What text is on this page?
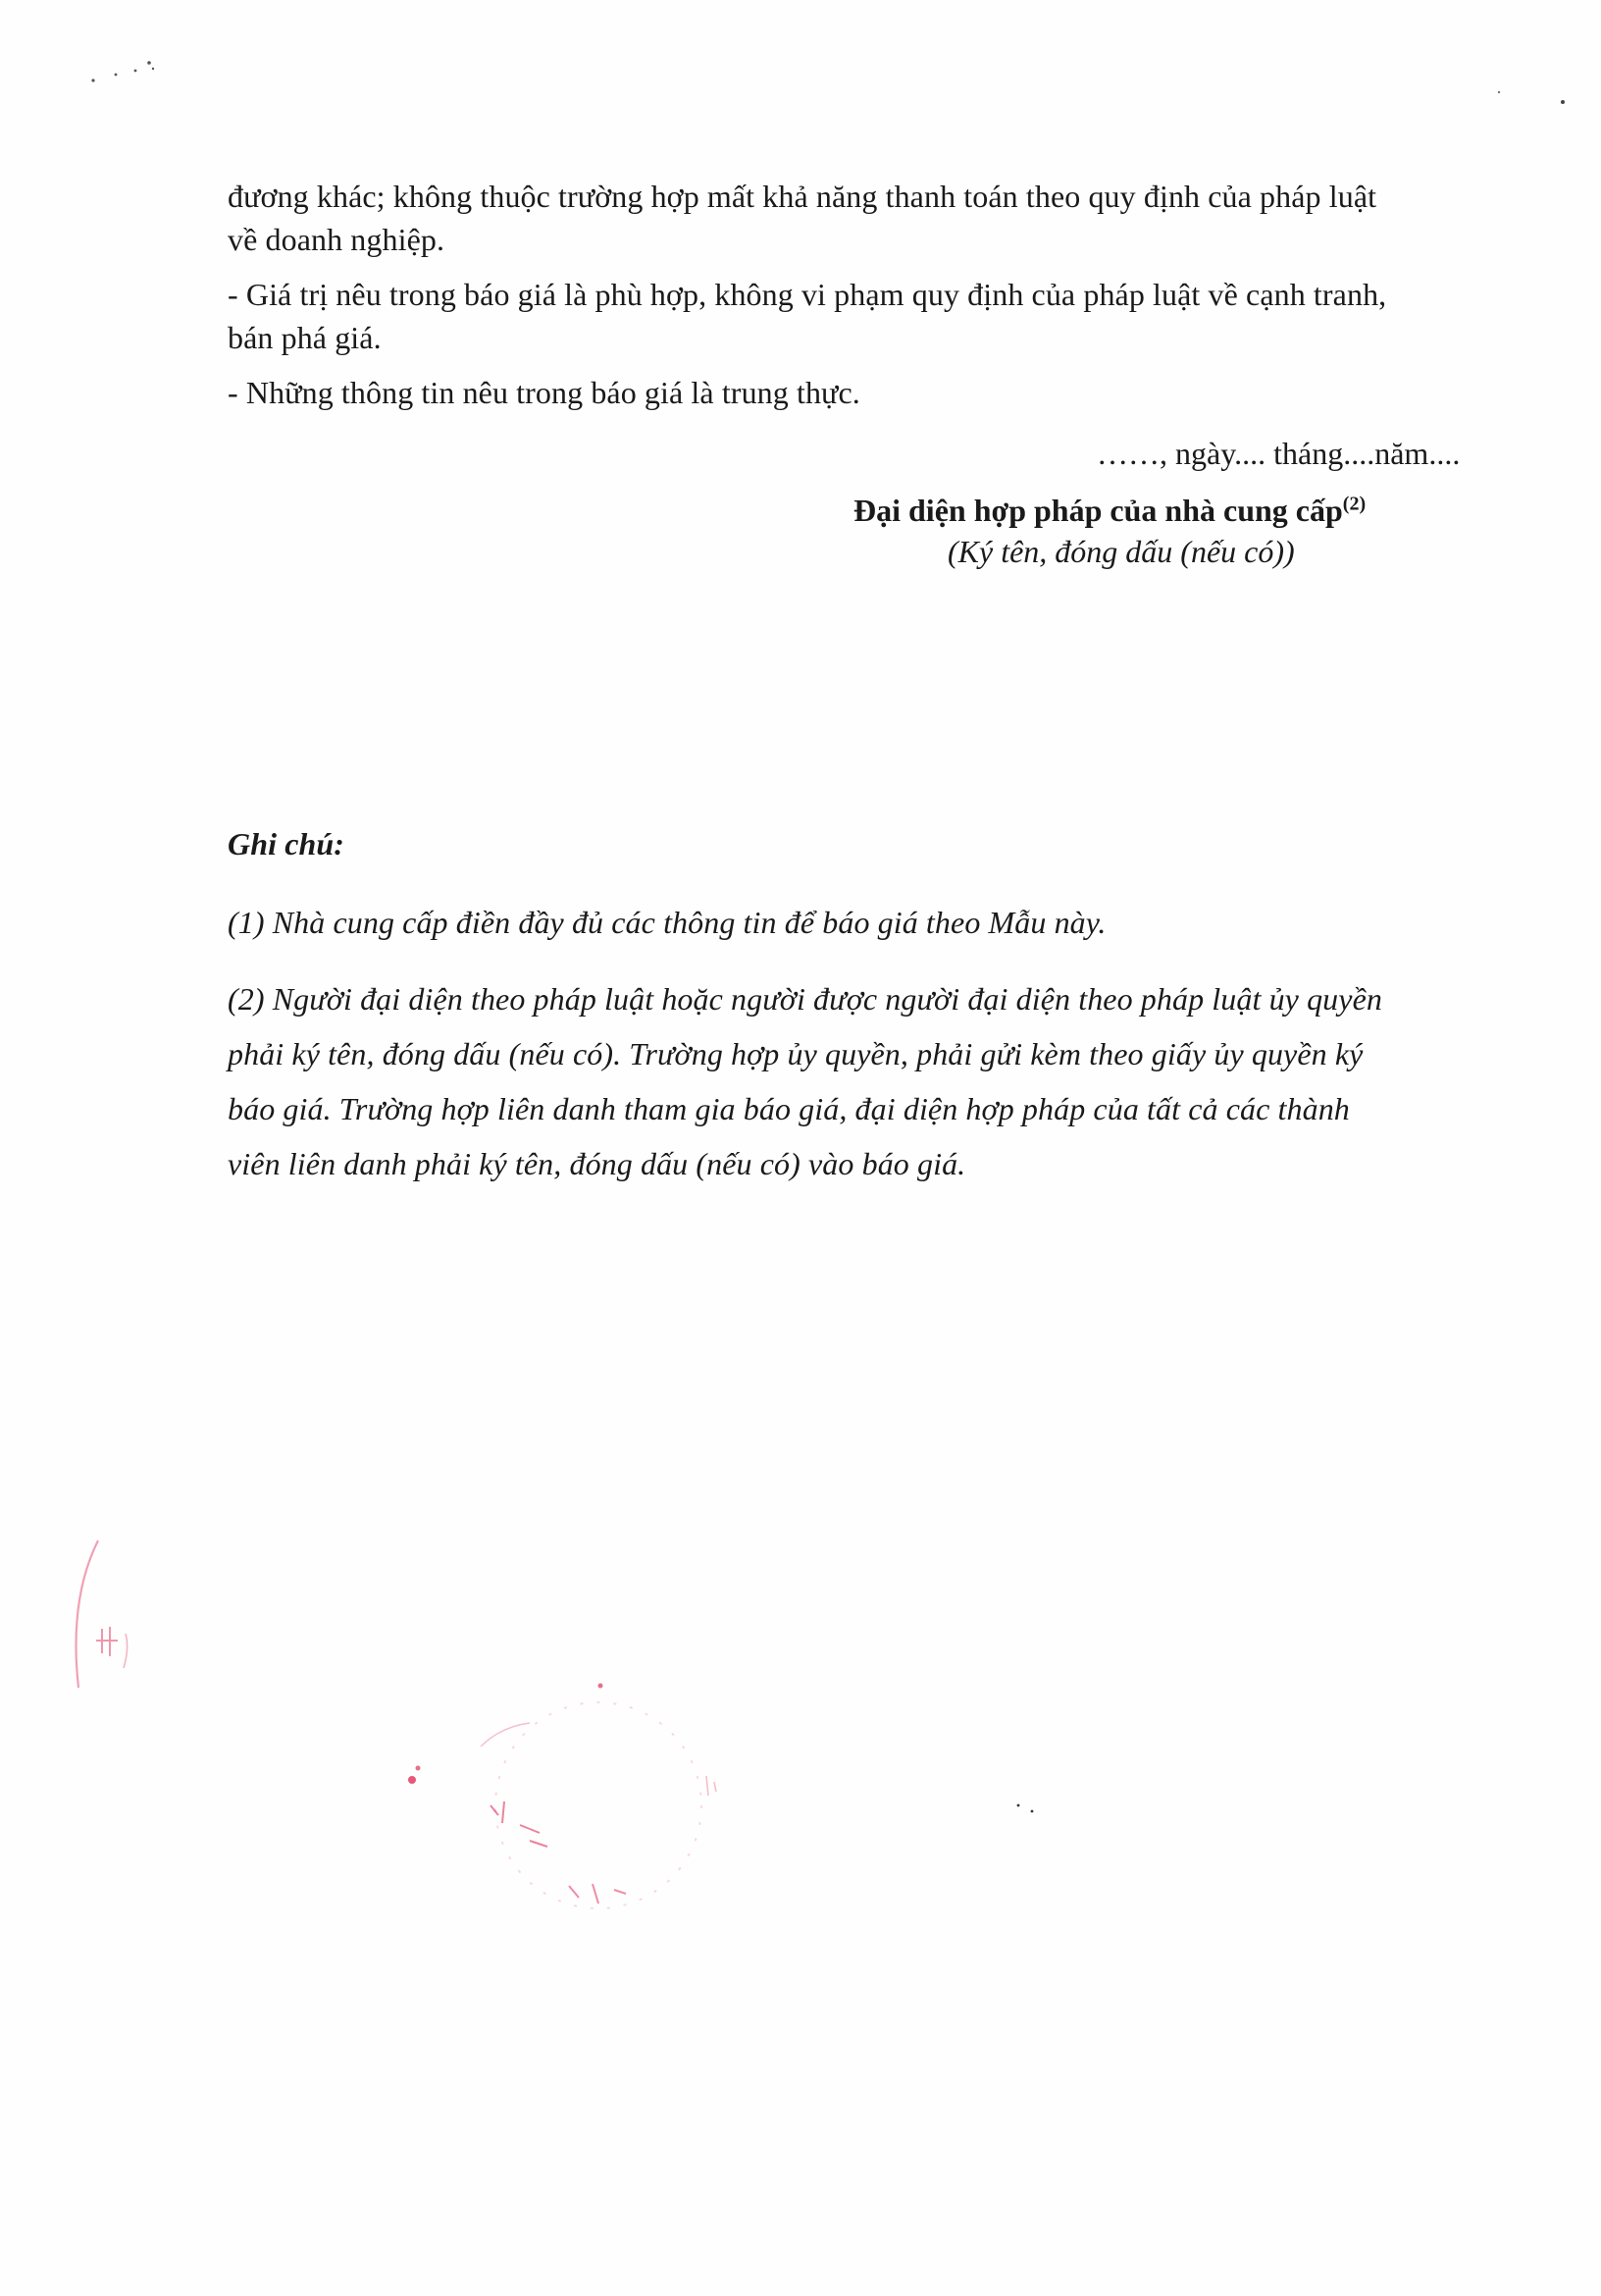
đương khác; không thuộc trường hợp mất khả năng thanh toán theo quy định của pháp luật

về doanh nghiệp.

- Giá trị nêu trong báo giá là phù hợp, không vi phạm quy định của pháp luật về cạnh tranh,

bán phá giá.

- Những thông tin nêu trong báo giá là trung thực.

……, ngày.... tháng....năm....

Đại diện hợp pháp của nhà cung cấp$^{(2)}$

(Ký tên, đóng dấu (nếu có))

Ghi chú:

(1) Nhà cung cấp điền đầy đủ các thông tin để báo giá theo Mẫu này.

(2) Người đại diện theo pháp luật hoặc người được người đại diện theo pháp luật ủy quyền

phải ký tên, đóng dấu (nếu có). Trường hợp ủy quyền, phải gửi kèm theo giấy ủy quyền ký

báo giá. Trường hợp liên danh tham gia báo giá, đại diện hợp pháp của tất cả các thành

viên liên danh phải ký tên, đóng dấu (nếu có) vào báo giá.
